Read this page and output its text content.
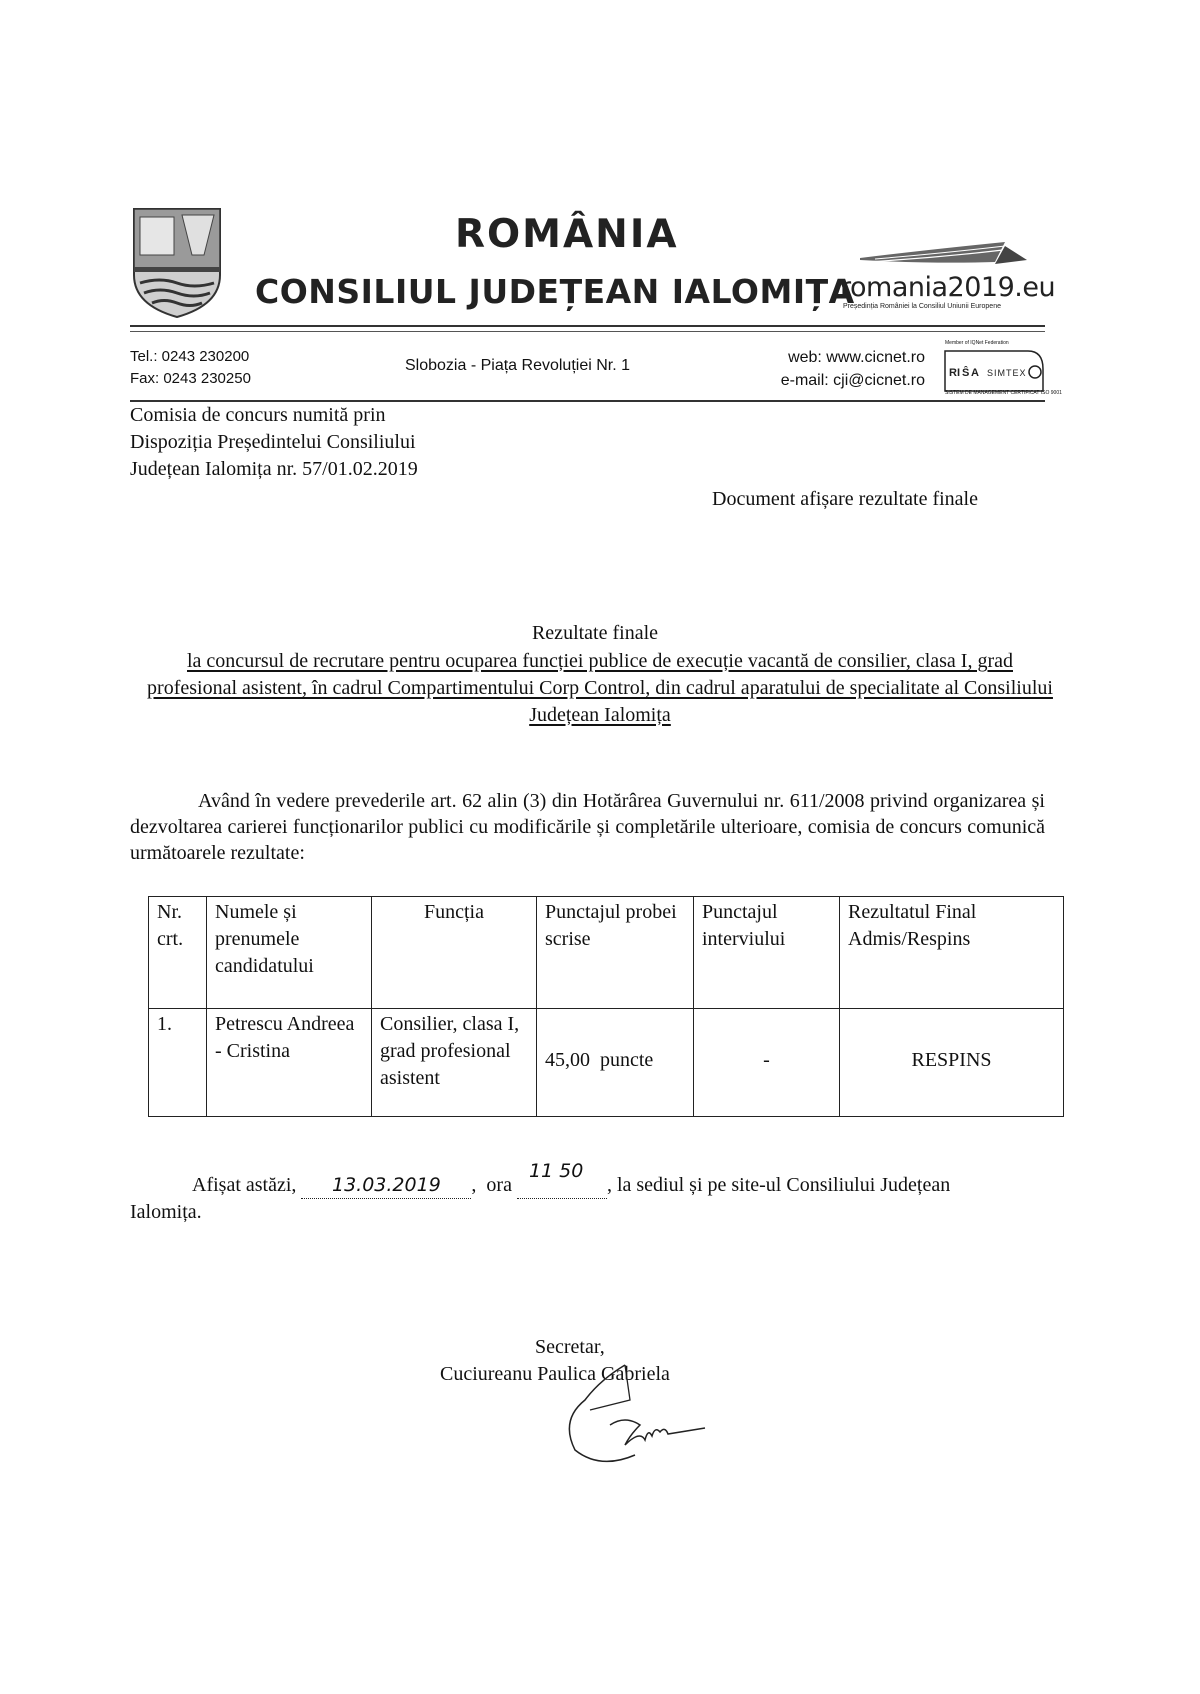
ROMÂNIA
CONSILIUL JUDEȚEAN IALOMIȚA
romania2019.eu
Președinția României la Consiliul Uniunii Europene
Tel.: 0243 230200
Fax: 0243 230250
Slobozia - Piața Revoluției Nr. 1	web: www.cicnet.ro
e-mail: cji@cicnet.ro
Member of IQNet Federation
RI Ŝ A SIMTEX
SISTEM DE MANAGEMENT CERTIFICAT ISO 9001
Comisia de concurs numită prin
Dispoziția Președintelui Consiliului
Județean Ialomița nr. 57/01.02.2019
Document afișare rezultate finale
Rezultate finale
la concursul de recrutare pentru ocuparea funcției publice de execuție vacantă de consilier, clasa I, grad profesional asistent, în cadrul Compartimentului Corp Control, din cadrul aparatului de specialitate al Consiliului Județean Ialomița
Având în vedere prevederile art. 62 alin (3) din Hotărârea Guvernului nr. 611/2008 privind organizarea și dezvoltarea carierei funcționarilor publici cu modificările și completările ulterioare, comisia de concurs comunică următoarele rezultate:
Nr. crt.	Numele și prenumele candidatului	Funcția	Punctajul probei scrise	Punctajul interviului	Rezultatul Final Admis/Respins
1.	Petrescu Andreea - Cristina	Consilier, clasa I, grad profesional asistent	45,00  puncte	-	RESPINS
Afișat astăzi, 13.03.2019 ,  ora
11 50
, la sediul și pe site-ul Consiliului Județean
Ialomița.
Secretar,
Cuciureanu Paulica Gabriela
